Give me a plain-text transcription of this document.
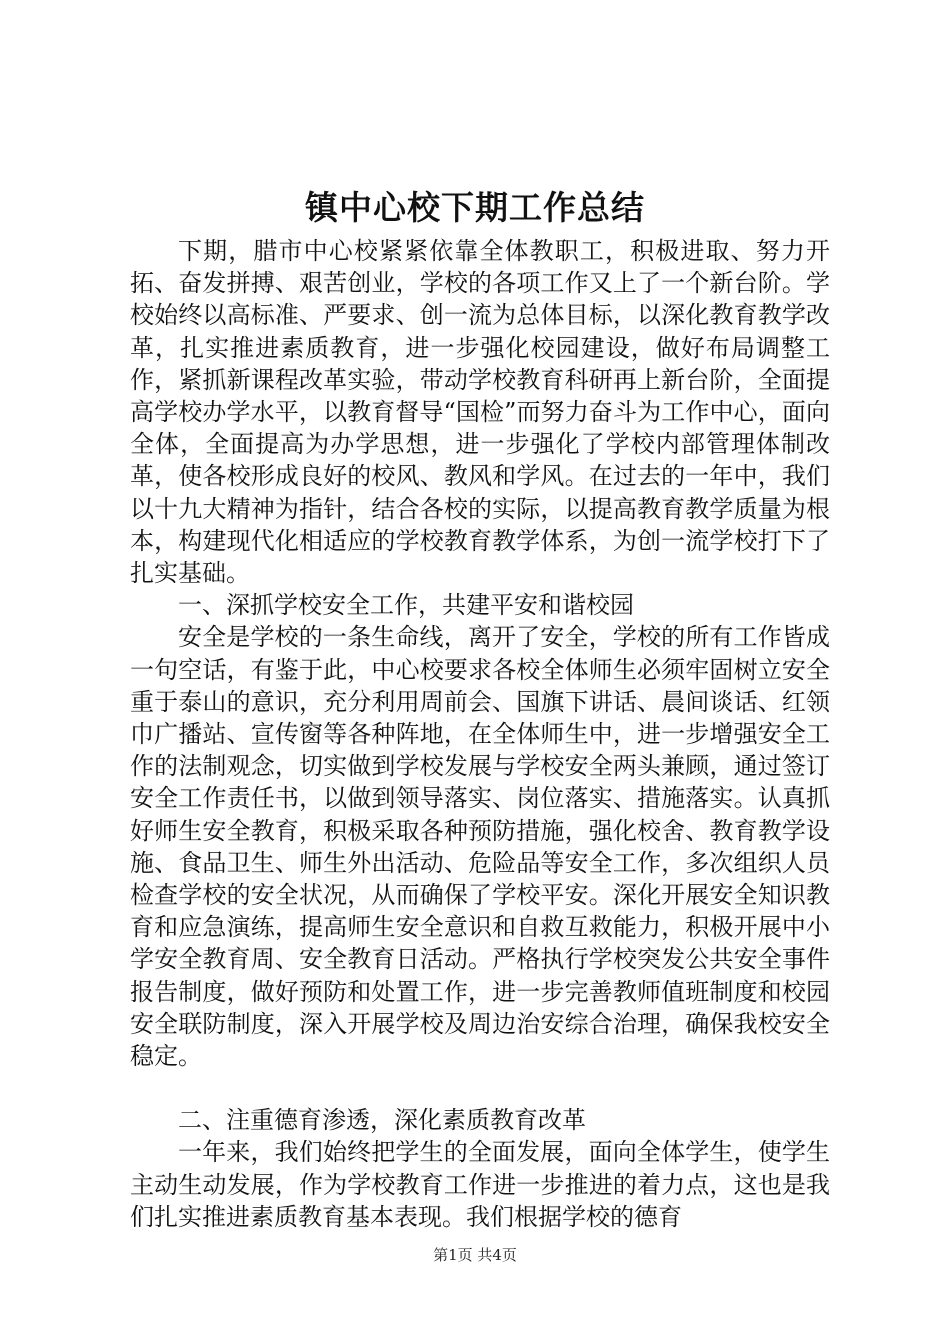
镇中心校下期工作总结

下期，腊市中心校紧紧依靠全体教职工，积极进取、努力开拓、奋发拼搏、艰苦创业，学校的各项工作又上了一个新台阶。学校始终以高标准、严要求、创一流为总体目标，以深化教育教学改革，扎实推进素质教育，进一步强化校园建设，做好布局调整工作，紧抓新课程改革实验，带动学校教育科研再上新台阶，全面提高学校办学水平，以教育督导“国检”而努力奋斗为工作中心，面向全体，全面提高为办学思想，进一步强化了学校内部管理体制改革，使各校形成良好的校风、教风和学风。在过去的一年中，我们以十九大精神为指针，结合各校的实际，以提高教育教学质量为根本，构建现代化相适应的学校教育教学体系，为创一流学校打下了扎实基础。

一、深抓学校安全工作，共建平安和谐校园

安全是学校的一条生命线，离开了安全，学校的所有工作皆成一句空话，有鉴于此，中心校要求各校全体师生必须牢固树立安全重于泰山的意识，充分利用周前会、国旗下讲话、晨间谈话、红领巾广播站、宣传窗等各种阵地，在全体师生中，进一步增强安全工作的法制观念，切实做到学校发展与学校安全两头兼顾，通过签订安全工作责任书，以做到领导落实、岗位落实、措施落实。认真抓好师生安全教育，积极采取各种预防措施，强化校舍、教育教学设施、食品卫生、师生外出活动、危险品等安全工作，多次组织人员检查学校的安全状况，从而确保了学校平安。深化开展安全知识教育和应急演练，提高师生安全意识和自救互救能力，积极开展中小学安全教育周、安全教育日活动。严格执行学校突发公共安全事件报告制度，做好预防和处置工作，进一步完善教师值班制度和校园安全联防制度，深入开展学校及周边治安综合治理，确保我校安全稳定。

二、注重德育渗透，深化素质教育改革

一年来，我们始终把学生的全面发展，面向全体学生，使学生主动生动发展，作为学校教育工作进一步推进的着力点，这也是我们扎实推进素质教育基本表现。我们根据学校的德育

第1页 共4页
